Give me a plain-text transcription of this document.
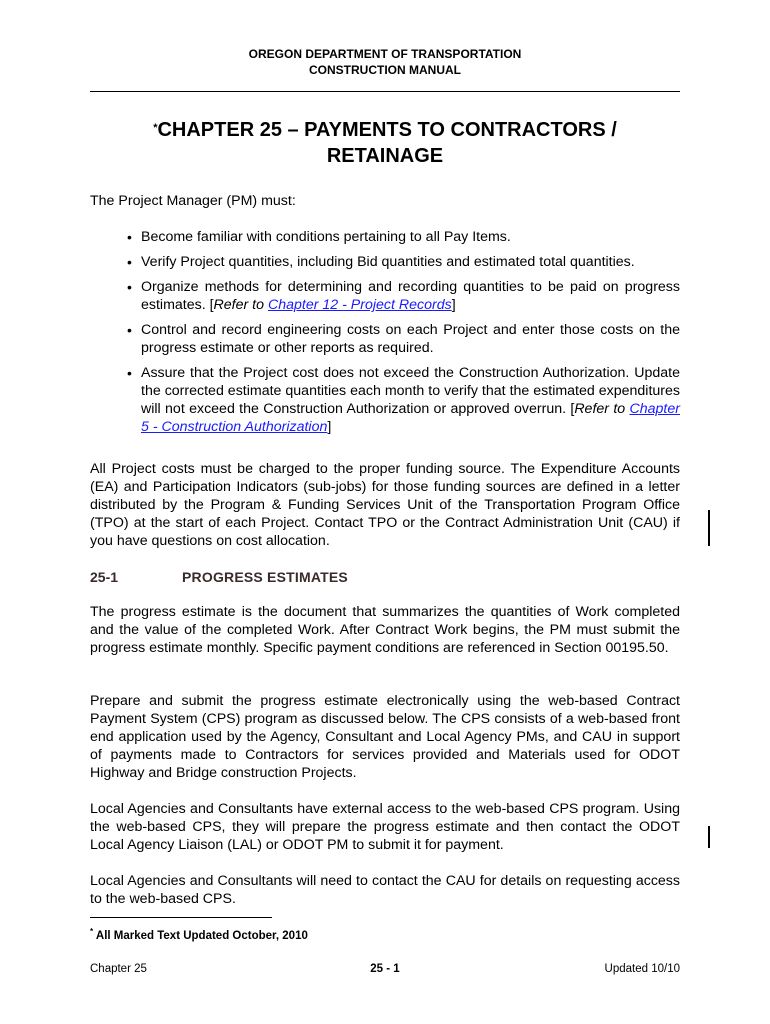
OREGON DEPARTMENT OF TRANSPORTATION
CONSTRUCTION MANUAL
*CHAPTER 25 – PAYMENTS TO CONTRACTORS /
RETAINAGE
The Project Manager (PM) must:
• Become familiar with conditions pertaining to all Pay Items.
• Verify Project quantities, including Bid quantities and estimated total quantities.
• Organize methods for determining and recording quantities to be paid on progress estimates. [Refer to Chapter 12 - Project Records]
• Control and record engineering costs on each Project and enter those costs on the progress estimate or other reports as required.
• Assure that the Project cost does not exceed the Construction Authorization. Update the corrected estimate quantities each month to verify that the estimated expenditures will not exceed the Construction Authorization or approved overrun. [Refer to Chapter 5 - Construction Authorization]
All Project costs must be charged to the proper funding source. The Expenditure Accounts (EA) and Participation Indicators (sub-jobs) for those funding sources are defined in a letter distributed by the Program & Funding Services Unit of the Transportation Program Office (TPO) at the start of each Project. Contact TPO or the Contract Administration Unit (CAU) if you have questions on cost allocation.
25-1	PROGRESS ESTIMATES
The progress estimate is the document that summarizes the quantities of Work completed and the value of the completed Work. After Contract Work begins, the PM must submit the progress estimate monthly. Specific payment conditions are referenced in Section 00195.50.
Prepare and submit the progress estimate electronically using the web-based Contract Payment System (CPS) program as discussed below. The CPS consists of a web-based front end application used by the Agency, Consultant and Local Agency PMs, and CAU in support of payments made to Contractors for services provided and Materials used for ODOT Highway and Bridge construction Projects.
Local Agencies and Consultants have external access to the web-based CPS program. Using the web-based CPS, they will prepare the progress estimate and then contact the ODOT Local Agency Liaison (LAL) or ODOT PM to submit it for payment.
Local Agencies and Consultants will need to contact the CAU for details on requesting access to the web-based CPS.
* All Marked Text Updated October, 2010
Chapter 25	25 - 1	Updated 10/10
